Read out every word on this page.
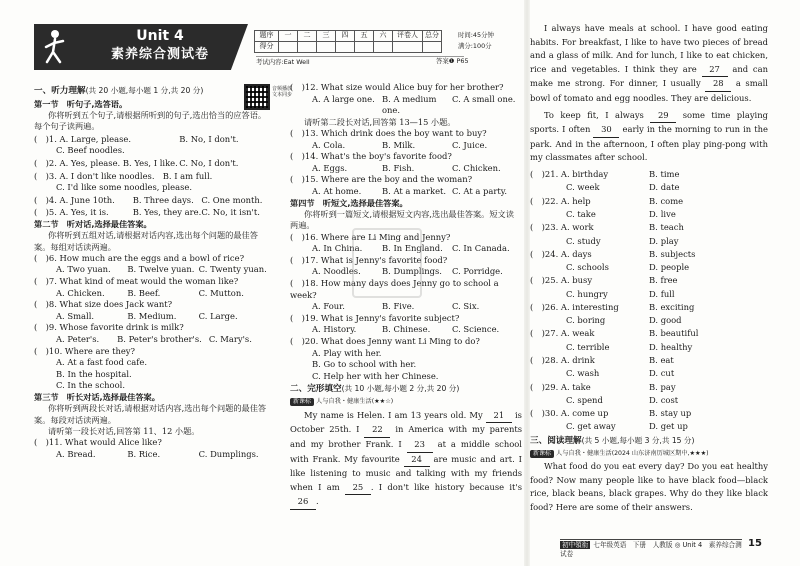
Unit 4
素养综合测试卷
题序	一	二	三	四	五	六	评卷人	总分
得分								
时间:45分钟
满分:100分
考试内容:Eat Well	答案❶ P65
音频播放 文本同步
一、听力理解(共 20 小题,每小题 1 分,共 20 分)
第一节　听句子,选答语。
你将听到五个句子,请根据所听到的句子,选出恰当的应答语。每个句子读两遍。
(　)1. A. Large, please.	B. No, I don't.
C. Beef noodles.
(　)2. A. Yes, please. B. Yes, I like. C. No, I don't.
(　)3. A. I don't like noodles. B. I am full.
C. I'd like some noodles, please.
(　)4. A. June 10th.	B. Three days. C. One month.
(　)5. A. Yes, it is.	B. Yes, they are. C. No, it isn't.
第二节　听对话,选择最佳答案。
你将听到五组对话,请根据对话内容,选出每个问题的最佳答案。每组对话读两遍。
(　)6. How much are the eggs and a bowl of rice?
A. Two yuan.	B. Twelve yuan. C. Twenty yuan.
(　)7. What kind of meat would the woman like?
A. Chicken.	B. Beef.	C. Mutton.
(　)8. What size does Jack want?
A. Small.	B. Medium.	C. Large.
(　)9. Whose favorite drink is milk?
A. Peter's.	B. Peter's brother's. C. Mary's.
(　)10. Where are they?
A. At a fast food cafe.
B. In the hospital.
C. In the school.
第三节　听长对话,选择最佳答案。
你将听到两段长对话,请根据对话内容,选出每个问题的最佳答案。每段对话读两遍。
请听第一段长对话,回答第 11、12 小题。
(　)11. What would Alice like?
A. Bread.	B. Rice.	C. Dumplings.
(　)12. What size would Alice buy for her brother?
A. A large one. B. A medium one.
C. A small one.
请听第二段长对话,回答第 13—15 小题。
(　)13. Which drink does the boy want to buy?
A. Cola.	B. Milk.	C. Juice.
(　)14. What's the boy's favorite food?
A. Eggs.	B. Fish.	C. Chicken.
(　)15. Where are the boy and the woman?
A. At home.	B. At a market. C. At a party.
第四节　听短文,选择最佳答案。
你将听到一篇短文,请根据短文内容,选出最佳答案。短文读两遍。
(　)16. Where are Li Ming and Jenny?
A. In China.	B. In England.	C. In Canada.
(　)17. What is Jenny's favorite food?
A. Noodles.	B. Dumplings.	C. Porridge.
(　)18. How many days does Jenny go to school a week?
A. Four.	B. Five.	C. Six.
(　)19. What is Jenny's favorite subject?
A. History.	B. Chinese.	C. Science.
(　)20. What does Jenny want Li Ming to do?
A. Play with her.
B. Go to school with her.
C. Help her with her Chinese.
二、完形填空(共 10 小题,每小题 2 分,共 20 分)
新课标 人与自我・健康生活(★★☆)
My name is Helen. I am 13 years old. My 21 is October 25th. I 22 in America with my parents and my brother Frank. I 23 at a middle school with Frank. My favourite 24 are music and art. I like listening to music and talking with my friends when I am 25 . I don't like history because it's 26 .
I always have meals at school. I have good eating habits. For breakfast, I like to have two pieces of bread and a glass of milk. And for lunch, I like to eat chicken, rice and vegetables. I think they are 27 and can make me strong. For dinner, I usually 28 a small bowl of tomato and egg noodles. They are delicious.
To keep fit, I always 29 some time playing sports. I often 30 early in the morning to run in the park. And in the afternoon, I often play ping-pong with my classmates after school.
(　)21. A. birthday	B. time
C. week	D. date
(　)22. A. help	B. come
C. take	D. live
(　)23. A. work	B. teach
C. study	D. play
(　)24. A. days	B. subjects
C. schools	D. people
(　)25. A. busy	B. free
C. hungry	D. full
(　)26. A. interesting	B. exciting
C. boring	D. good
(　)27. A. weak	B. beautiful
C. terrible	D. healthy
(　)28. A. drink	B. eat
C. wash	D. cut
(　)29. A. take	B. pay
C. spend	D. cost
(　)30. A. come up	B. stay up
C. get away	D. get up
三、阅读理解(共 5 小题,每小题 3 分,共 15 分)
新课标 人与自我・健康生活(2024 山东济南历城区期中,★★★)
What food do you eat every day? Do you eat healthy food? Now many people like to have black food—black rice, black beans, black grapes. Why do they like black food? Here are some of their answers.
初中領衔 七年级英语　下册　人教版 ◎ Unit 4　素养综合测试卷
15
